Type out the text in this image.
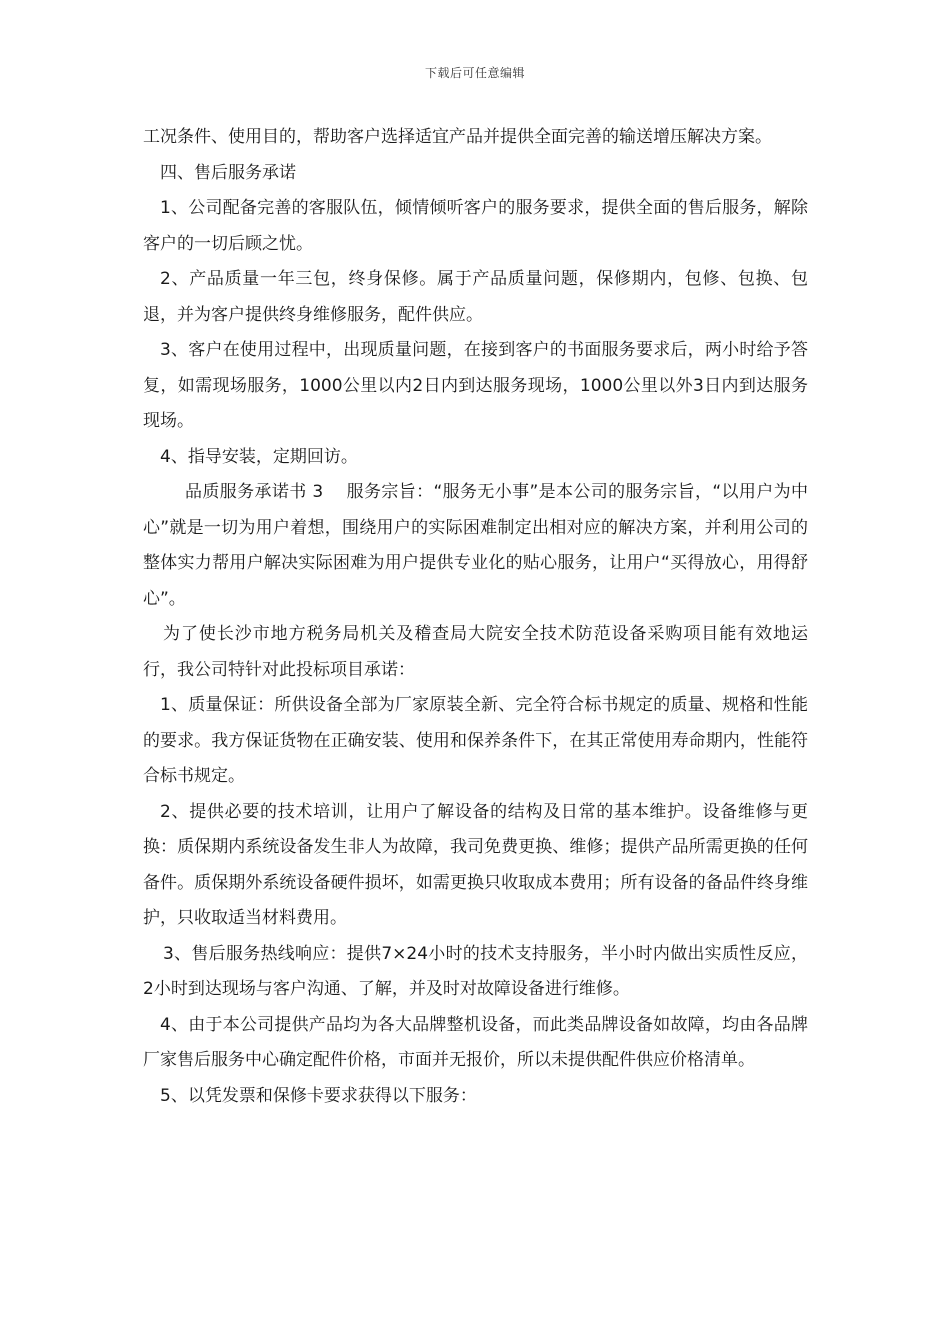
下载后可任意编辑

工况条件、使用目的，帮助客户选择适宜产品并提供全面完善的输送增压解决方案。

四、售后服务承诺

1、公司配备完善的客服队伍，倾情倾听客户的服务要求，提供全面的售后服务，解除客户的一切后顾之忧。

2、产品质量一年三包，终身保修。属于产品质量问题，保修期内，包修、包换、包退，并为客户提供终身维修服务，配件供应。

3、客户在使用过程中，出现质量问题，在接到客户的书面服务要求后，两小时给予答复，如需现场服务，1000公里以内2日内到达服务现场，1000公里以外3日内到达服务现场。

4、指导安装，定期回访。

品质服务承诺书 3　 服务宗旨：“服务无小事”是本公司的服务宗旨，“以用户为中心”就是一切为用户着想，围绕用户的实际困难制定出相对应的解决方案，并利用公司的整体实力帮用户解决实际困难为用户提供专业化的贴心服务，让用户“买得放心，用得舒心”。

为了使长沙市地方税务局机关及稽查局大院安全技术防范设备采购项目能有效地运行，我公司特针对此投标项目承诺：

1、质量保证：所供设备全部为厂家原装全新、完全符合标书规定的质量、规格和性能的要求。我方保证货物在正确安装、使用和保养条件下，在其正常使用寿命期内，性能符合标书规定。

2、提供必要的技术培训，让用户了解设备的结构及日常的基本维护。设备维修与更换：质保期内系统设备发生非人为故障，我司免费更换、维修；提供产品所需更换的任何备件。质保期外系统设备硬件损坏，如需更换只收取成本费用；所有设备的备品件终身维护，只收取适当材料费用。

3、售后服务热线响应：提供7×24小时的技术支持服务，半小时内做出实质性反应，2小时到达现场与客户沟通、了解，并及时对故障设备进行维修。

4、由于本公司提供产品均为各大品牌整机设备，而此类品牌设备如故障，均由各品牌厂家售后服务中心确定配件价格，市面并无报价，所以未提供配件供应价格清单。

5、以凭发票和保修卡要求获得以下服务：
